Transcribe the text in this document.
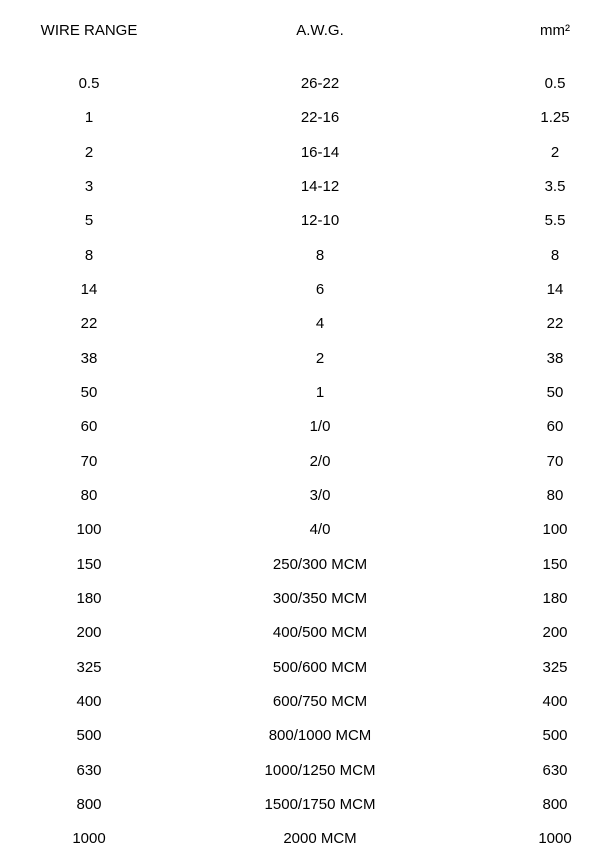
WIRE RANGE	A.W.G.	mm²
0.5	26-22	0.5
1	22-16	1.25
2	16-14	2
3	14-12	3.5
5	12-10	5.5
8	8	8
14	6	14
22	4	22
38	2	38
50	1	50
60	1/0	60
70	2/0	70
80	3/0	80
100	4/0	100
150	250/300 MCM	150
180	300/350 MCM	180
200	400/500 MCM	200
325	500/600 MCM	325
400	600/750 MCM	400
500	800/1000 MCM	500
630	1000/1250 MCM	630
800	1500/1750 MCM	800
1000	2000 MCM	1000
